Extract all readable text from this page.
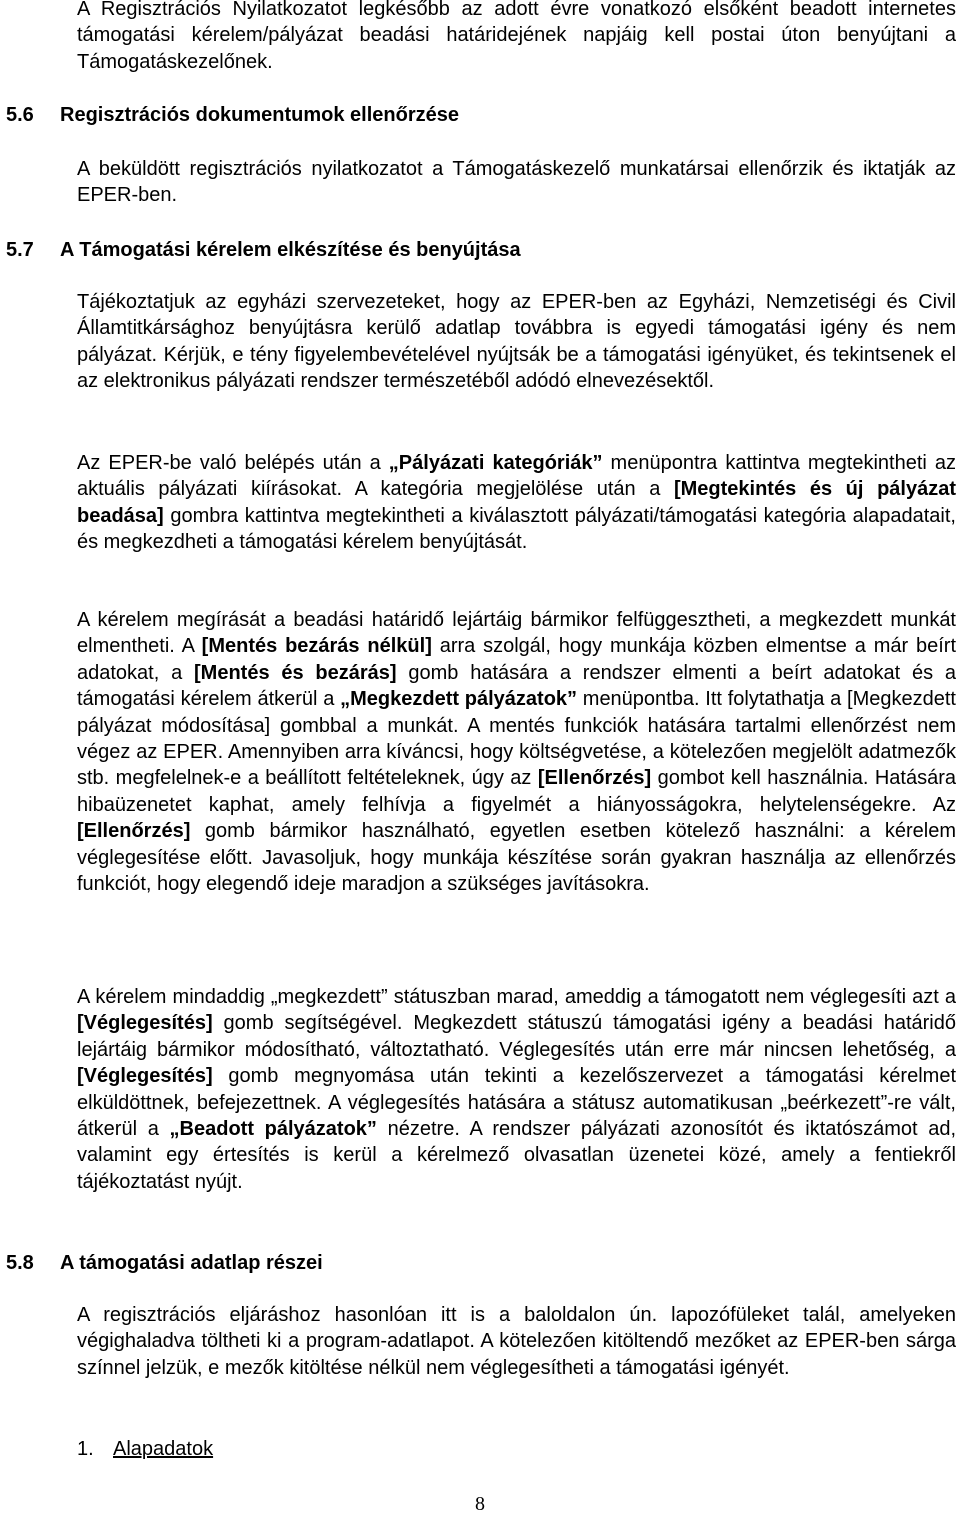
A Regisztrációs Nyilatkozatot legkésőbb az adott évre vonatkozó elsőként beadott internetes támogatási kérelem/pályázat beadási határidejének napjáig kell postai úton benyújtani a Támogatáskezelőnek.

5.6 Regisztrációs dokumentumok ellenőrzése

A beküldött regisztrációs nyilatkozatot a Támogatáskezelő munkatársai ellenőrzik és iktatják az EPER-ben.

5.7 A Támogatási kérelem elkészítése és benyújtása

Tájékoztatjuk az egyházi szervezeteket, hogy az EPER-ben az Egyházi, Nemzetiségi és Civil Államtitkársághoz benyújtásra kerülő adatlap továbbra is egyedi támogatási igény és nem pályázat. Kérjük, e tény figyelembevételével nyújtsák be a támogatási igényüket, és tekintsenek el az elektronikus pályázati rendszer természetéből adódó elnevezésektől.

Az EPER-be való belépés után a „Pályázati kategóriák” menüpontra kattintva megtekintheti az aktuális pályázati kiírásokat. A kategória megjelölése után a [Megtekintés és új pályázat beadása] gombra kattintva megtekintheti a kiválasztott pályázati/támogatási kategória alapadatait, és megkezdheti a támogatási kérelem benyújtását.

A kérelem megírását a beadási határidő lejártáig bármikor felfüggesztheti, a megkezdett munkát elmentheti. A [Mentés bezárás nélkül] arra szolgál, hogy munkája közben elmentse a már beírt adatokat, a [Mentés és bezárás] gomb hatására a rendszer elmenti a beírt adatokat és a támogatási kérelem átkerül a „Megkezdett pályázatok” menüpontba. Itt folytathatja a [Megkezdett pályázat módosítása] gombbal a munkát. A mentés funkciók hatására tartalmi ellenőrzést nem végez az EPER. Amennyiben arra kíváncsi, hogy költségvetése, a kötelezően megjelölt adatmezők stb. megfelelnek-e a beállított feltételeknek, úgy az [Ellenőrzés] gombot kell használnia. Hatására hibaüzenetet kaphat, amely felhívja a figyelmét a hiányosságokra, helytelenségekre. Az [Ellenőrzés] gomb bármikor használható, egyetlen esetben kötelező használni: a kérelem véglegesítése előtt. Javasoljuk, hogy munkája készítése során gyakran használja az ellenőrzés funkciót, hogy elegendő ideje maradjon a szükséges javításokra.

A kérelem mindaddig „megkezdett” státuszban marad, ameddig a támogatott nem véglegesíti azt a [Véglegesítés] gomb segítségével. Megkezdett státuszú támogatási igény a beadási határidő lejártáig bármikor módosítható, változtatható. Véglegesítés után erre már nincsen lehetőség, a [Véglegesítés] gomb megnyomása után tekinti a kezelőszervezet a támogatási kérelmet elküldöttnek, befejezettnek. A véglegesítés hatására a státusz automatikusan „beérkezett”-re vált, átkerül a „Beadott pályázatok” nézetre. A rendszer pályázati azonosítót és iktatószámot ad, valamint egy értesítés is kerül a kérelmező olvasatlan üzenetei közé, amely a fentiekről tájékoztatást nyújt.

5.8 A támogatási adatlap részei

A regisztrációs eljáráshoz hasonlóan itt is a baloldalon ún. lapozófüleket talál, amelyeken végighaladva töltheti ki a program-adatlapot. A kötelezően kitöltendő mezőket az EPER-ben sárga színnel jelzük, e mezők kitöltése nélkül nem véglegesítheti a támogatási igényét.

1. Alapadatok
8
